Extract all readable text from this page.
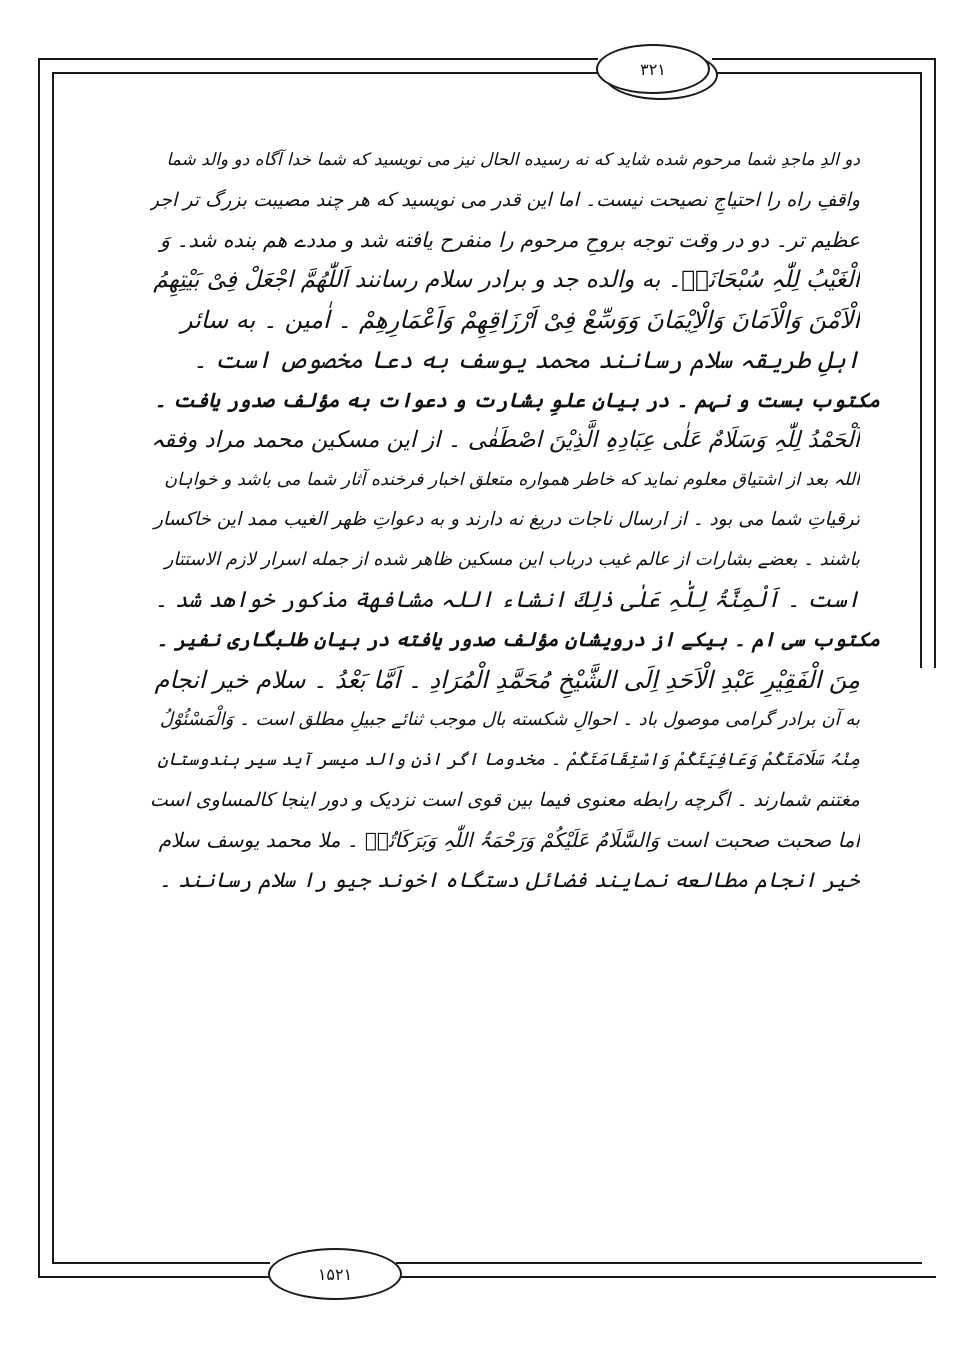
۳۲۱
دو الدِ ماجدِ شما مرحوم شده شاید که نه رسیده الحال نیز می نویسید که شما خدا آگاه دو والد شما
واقفِ راه را احتیاجِ نصیحت نیست۔ اما این قدر می نویسید که هر چند مصیبت بزرگ تر اجر
عظیم تر۔ دو در وقت توجه بروحِ مرحوم را منفرح یافته شد و مددے هم بنده شد۔ وَ
الْغَیْبُ لِلّٰہِ سُبْحَانَہٗ۔ به والده جد و برادر سلام رسانند اَللّٰھُمَّ اجْعَلْ فِیْ بَیْتِھِمُ
الْاَمْنَ وَالْاَمَانَ وَالْاِیْمَانَ وَوَسِّعْ فِیْ اَرْزَاقِھِمْ وَاَعْمَارِھِمْ ۔ اٰمین ۔ به سائر
اہلِ طریقہ سلام رسانند محمد یوسف به دعا مخصوص است ۔
مکتوب بست و نہم ۔ در بیانِ علوِ بشارت و دعوات به مؤلف صدور یافت ۔
اَلْحَمْدُ لِلّٰہِ وَسَلَامٌ عَلٰی عِبَادِہِ الَّذِیْنَ اصْطَفٰی ۔ از این مسکین محمد مراد وفقہ
اللہ بعد از اشتیاق معلوم نماید که خاطر همواره متعلق اخبار فرخنده آثار شما می باشد و خواہان
ترقیاتِ شما می بود ۔ از ارسال ناجات دریغ نه دارند و به دعواتِ ظهر الغیب ممد این خاکسار
باشند ۔ بعضے بشارات از عالم غیب درباب این مسکین ظاهر شده از جمله اسرار لازم الاستتار
است ۔ اَلْمِنَّۃُ لِلّٰہِ عَلٰی ذٰلِكَ انشاء اللہ مشافهة مذکور خواهد شد ۔
مکتوب سی ام ۔ بیکے از درویشان مؤلف صدور یافته در بیان طلبگاری نفیر ۔
مِنَ الْفَقِیْرِ عَبْدِ الْاَحَدِ اِلَی الشَّیْخِ مُحَمَّدِ الْمُرَادِ ۔ اَمَّا بَعْدُ ۔ سلام خیر انجام
به آن برادر گرامی موصول باد ۔ احوالِ شکسته بال موجب ثنائے جبیلِ مطلق است ۔ وَالْمَسْئُوْلُ
مِنْہُ سَلَامَتَکُمْ وَعَافِیَتَکُمْ وَاسْتِقَامَتَکُمْ ۔ مخدوما اگر اذنِ والد میسر آید سیر ہندوستان
مغتنم شمارند ۔ اگرچه رابطه معنوی فیما بین قوی است نزدیک و دور اینجا کالمساوی است
اما صحبت صحبت است وَالسَّلَامُ عَلَیْکُمْ وَرَحْمَۃُ اللّٰہِ وَبَرَکَاتُہٗ ۔ ملا محمد یوسف سلام
خیر انجام مطالعه نمایند فضائل دستگاه اخوند جیو را سلام رسانند ۔
۱۵۲۱
